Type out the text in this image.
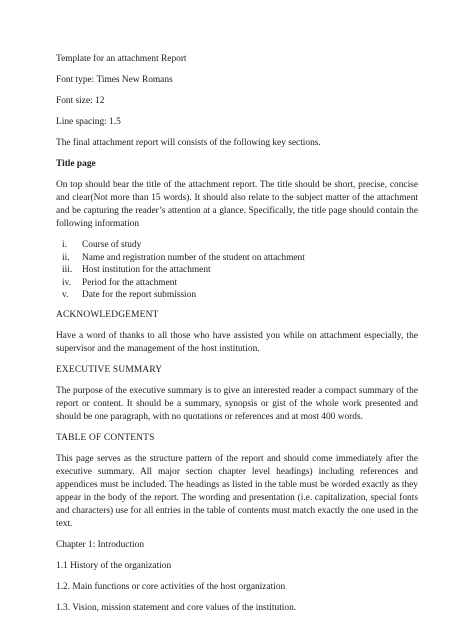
Template for an attachment Report

Font type: Times New Romans

Font size: 12

Line spacing: 1.5

The final attachment report will consists of the following key sections.

Title page

On top should bear the title of the attachment report. The title should be short, precise, concise and clear(Not more than 15 words). It should also relate to the subject matter of the attachment and be capturing the reader’s attention at a glance. Specifically, the title page should contain the following information

i.	Course of study
ii.	Name and registration number of the student on attachment
iii.	Host institution for the attachment
iv.	Period for the attachment
v.	Date for the report submission

ACKNOWLEDGEMENT

Have a word of thanks to all those who have assisted you while on attachment especially, the supervisor and the management of the host institution.

EXECUTIVE SUMMARY

The purpose of the executive summary is to give an interested reader a compact summary of the report or content. It should be a summary, synopsis or gist of the whole work presented and should be one paragraph, with no quotations or references and at most 400 words.

TABLE OF CONTENTS

This page serves as the structure pattern of the report and should come immediately after the executive summary. All major section chapter level headings) including references and appendices must be included. The headings as listed in the table must be worded exactly as they appear in the body of the report. The wording and presentation (i.e. capitalization, special fonts and characters) use for all entries in the table of contents must match exactly the one used in the text.

Chapter 1: Introduction

1.1 History of the organization

1.2. Main functions or core activities of the host organization

1.3. Vision, mission statement and core values of the institution.
